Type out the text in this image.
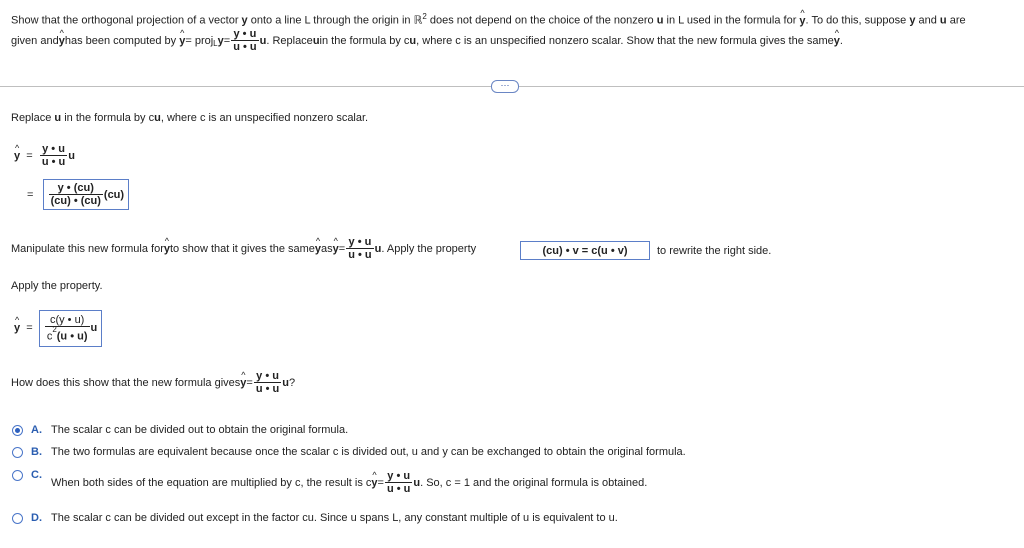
Show that the orthogonal projection of a vector y onto a line L through the origin in ℝ$^2$ does not depend on the choice of the nonzero u in L used in the formula for ^ y. To do this, suppose y and u are
given and ^ y has been computed by
^ y = proj$_L$ $y = \frac{y • u}{u • u}$ u . Replace u in the formula by c u , where c is an unspecified nonzero scalar. Show that the new formula gives the same ^ y .
⋯
Replace u in the formula by cu, where c is an unspecified nonzero scalar.
^ y
=
$\frac{y • u}{u • u}$ u
=
$\frac{y • (cu)}{(cu) • (cu)} (cu)$
Manipulate this new formula for ^ y to show that it gives the same ^ y as ^ $y = \frac{y • u}{u • u}$ u . Apply the property	(cu) • v = c(u • v)	to rewrite the right side.
Apply the property.
^ y
=
$\frac{c(y • u)}{c^2(u • u)}$ u
How does this show that the new formula gives ^ $y = \frac{y • u}{u • u}$ u ?
A. The scalar c can be divided out to obtain the original formula.
B. The two formulas are equivalent because once the scalar c is divided out, u and y can be exchanged to obtain the original formula.
C.
When both sides of the equation are multiplied by c, the result is c ^ $y = \frac{y • u}{u • u}$ u . So, c = 1 and the original formula is obtained.
D. The scalar c can be divided out except in the factor cu. Since u spans L, any constant multiple of u is equivalent to u.
